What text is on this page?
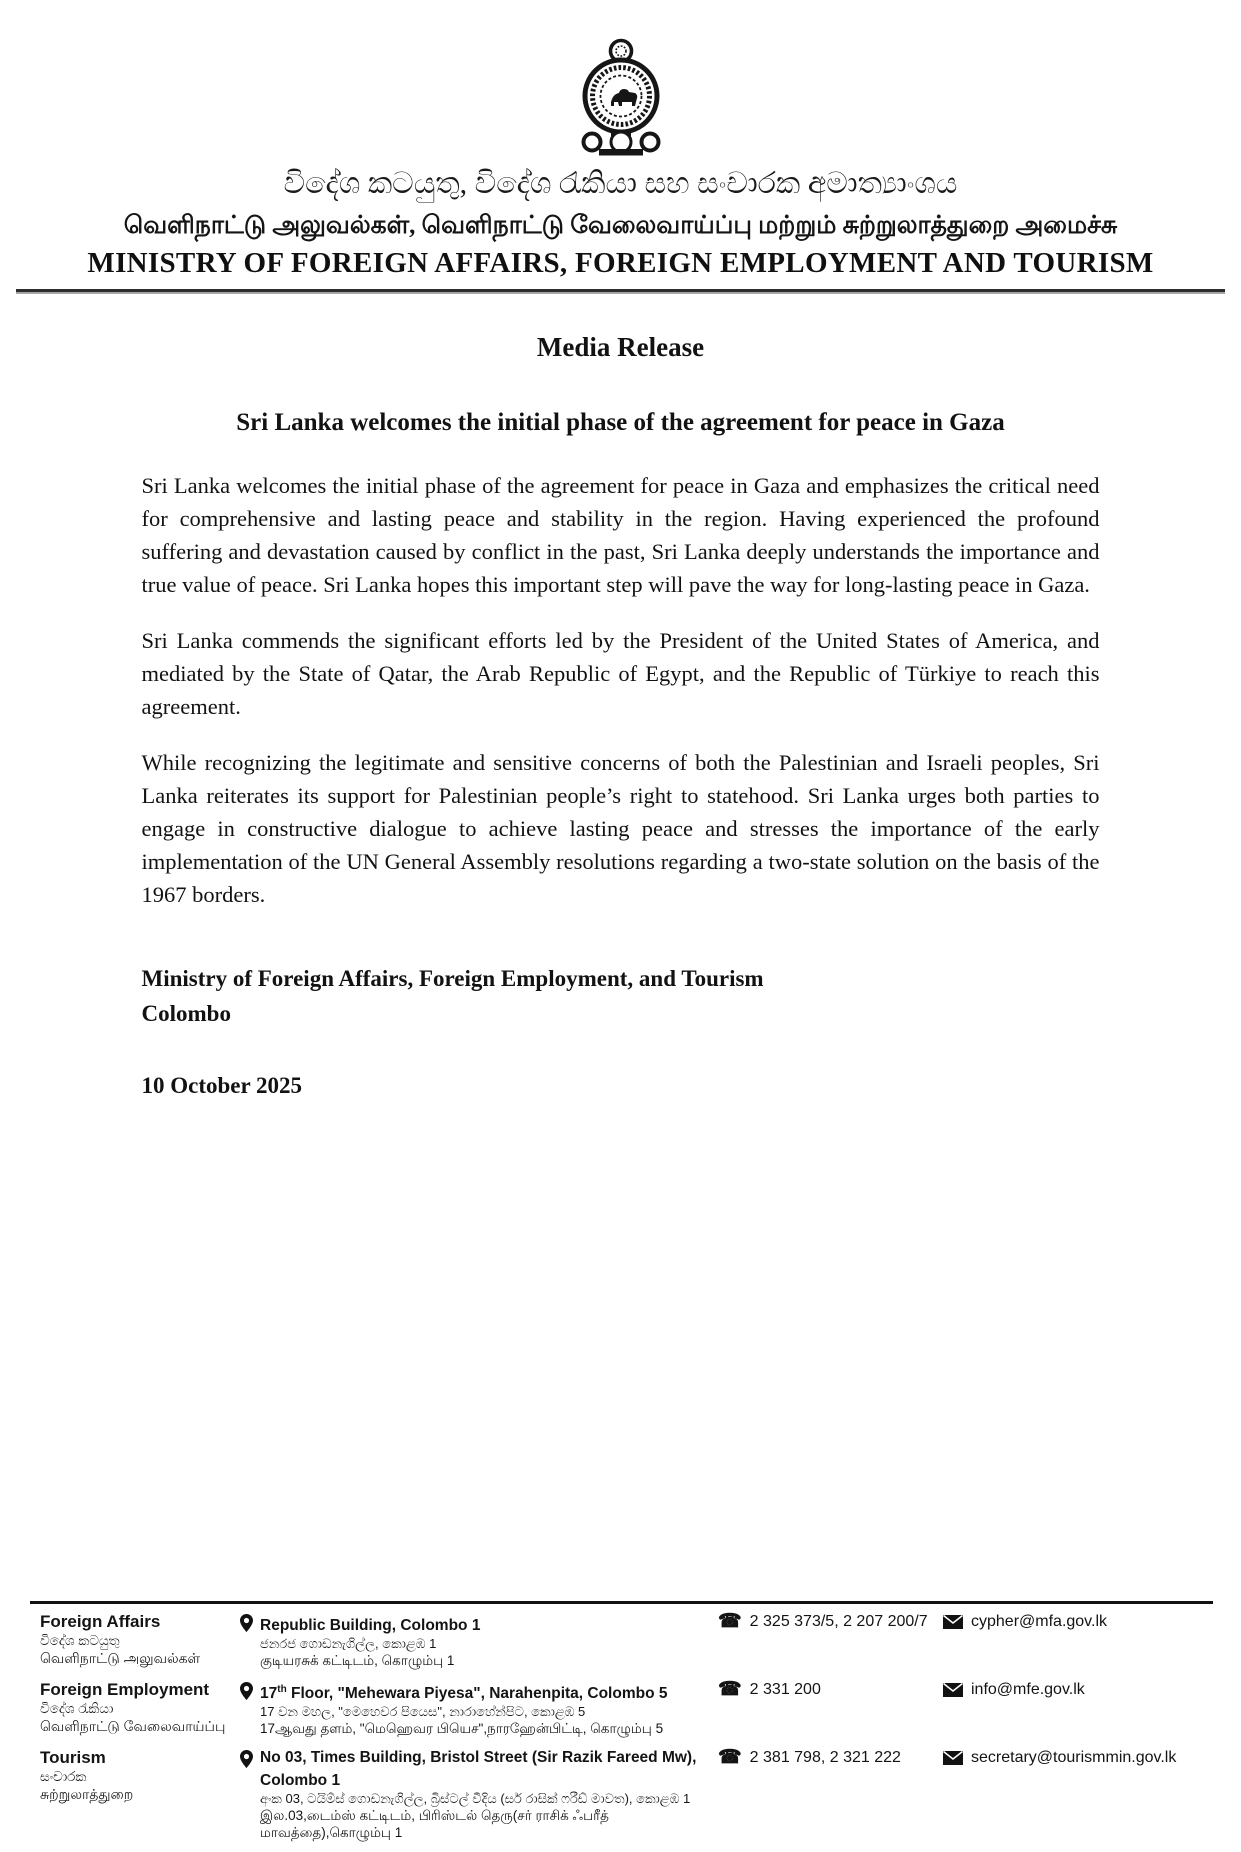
විදේශ කටයුතු, විදේශ රැකියා සහ සංචාරක අමාත්‍යාංශය
வெளிநாட்டு அலுவல்கள், வெளிநாட்டு வேலைவாய்ப்பு மற்றும் சுற்றுலாத்துறை அமைச்சு
MINISTRY OF FOREIGN AFFAIRS, FOREIGN EMPLOYMENT AND TOURISM
Media Release
Sri Lanka welcomes the initial phase of the agreement for peace in Gaza

Sri Lanka welcomes the initial phase of the agreement for peace in Gaza and emphasizes the critical need for comprehensive and lasting peace and stability in the region. Having experienced the profound suffering and devastation caused by conflict in the past, Sri Lanka deeply understands the importance and true value of peace. Sri Lanka hopes this important step will pave the way for long-lasting peace in Gaza.

Sri Lanka commends the significant efforts led by the President of the United States of America, and mediated by the State of Qatar, the Arab Republic of Egypt, and the Republic of Türkiye to reach this agreement.

While recognizing the legitimate and sensitive concerns of both the Palestinian and Israeli peoples, Sri Lanka reiterates its support for Palestinian people’s right to statehood. Sri Lanka urges both parties to engage in constructive dialogue to achieve lasting peace and stresses the importance of the early implementation of the UN General Assembly resolutions regarding a two-state solution on the basis of the 1967 borders.

Ministry of Foreign Affairs, Foreign Employment, and Tourism
Colombo
10 October 2025
Foreign Affairs
විදේශ කටයුතු
வெளிநாட்டு அலுவல்கள்
Republic Building, Colombo 1
ජනරජ ගොඩනැගිල්ල, කොළඹ 1
குடியரசுக் கட்டிடம், கொழும்பு 1
☎ 2 325 373/5, 2 207 200/7	cypher@mfa.gov.lk
Foreign Employment
විදේශ රැකියා
வெளிநாட்டு வேலைவாய்ப்பு
17th Floor, "Mehewara Piyesa", Narahenpita, Colombo 5
17 වන මහල, "මෙහෙවර පියෙස", නාරාහේන්පිට, කොළඹ 5
17ஆவது தளம், "மெஹெவர பியெச",நாரஹேன்பிட்டி, கொழும்பு 5
☎ 2 331 200	info@mfe.gov.lk
Tourism
සංචාරක
சுற்றுலாத்துறை
No 03, Times Building, Bristol Street (Sir Razik Fareed Mw), Colombo 1
අංක 03, ටයිම්ස් ගොඩනැගිල්ල, බ්‍රිස්ටල් වීදිය (සර් රාසික් ෆරීඩ් මාවත), කොළඹ 1
இல.03,டைம்ஸ் கட்டிடம், பிரிஸ்டல் தெரு(சர் ராசிக் ஃபரீத் மாவத்தை),கொழும்பு 1
☎ 2 381 798, 2 321 222	secretary@tourismmin.gov.lk
